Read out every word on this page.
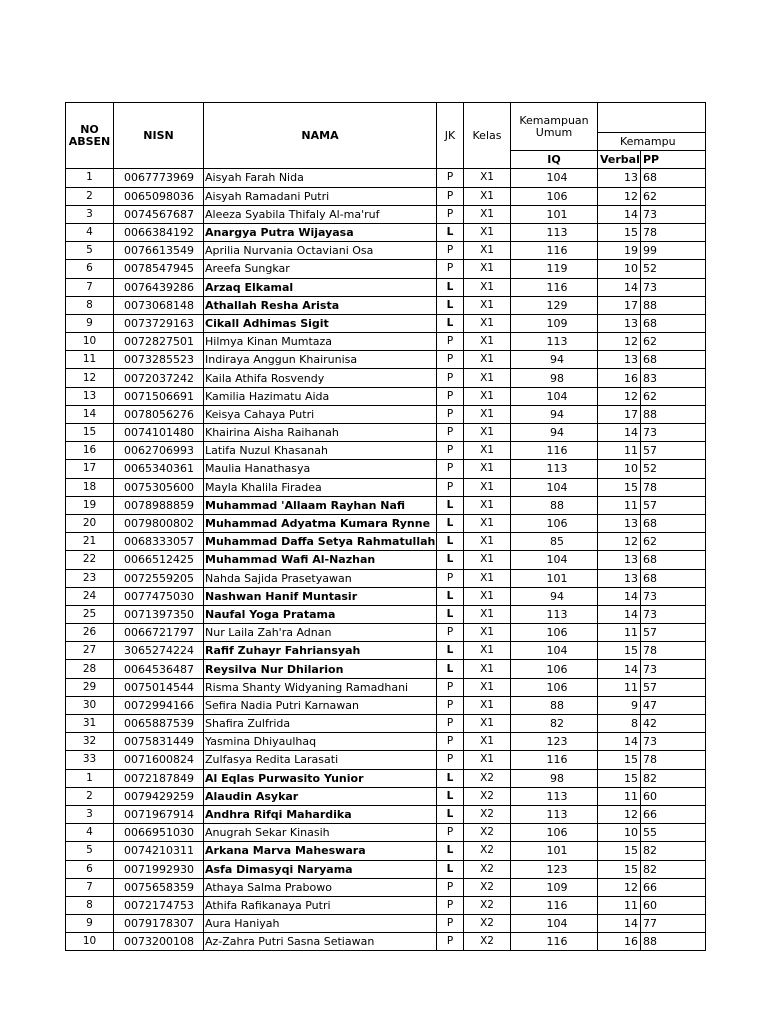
NO ABSEN	NISN	NAMA	JK	Kelas	Kemampuan Umum		
						Kemampu	
					IQ	Verbal	PP
1	0067773969	Aisyah Farah Nida	P	X1	104	13	68
2	0065098036	Aisyah Ramadani Putri	P	X1	106	12	62
3	0074567687	Aleeza Syabila Thifaly Al-ma'ruf	P	X1	101	14	73
4	0066384192	Anargya Putra Wijayasa	L	X1	113	15	78
5	0076613549	Aprilia Nurvania Octaviani Osa	P	X1	116	19	99
6	0078547945	Areefa Sungkar	P	X1	119	10	52
7	0076439286	Arzaq Elkamal	L	X1	116	14	73
8	0073068148	Athallah Resha Arista	L	X1	129	17	88
9	0073729163	Cikall Adhimas Sigit	L	X1	109	13	68
10	0072827501	Hilmya Kinan Mumtaza	P	X1	113	12	62
11	0073285523	Indiraya Anggun Khairunisa	P	X1	94	13	68
12	0072037242	Kaila Athifa Rosvendy	P	X1	98	16	83
13	0071506691	Kamilia Hazimatu Aida	P	X1	104	12	62
14	0078056276	Keisya Cahaya Putri	P	X1	94	17	88
15	0074101480	Khairina Aisha Raihanah	P	X1	94	14	73
16	0062706993	Latifa Nuzul Khasanah	P	X1	116	11	57
17	0065340361	Maulia Hanathasya	P	X1	113	10	52
18	0075305600	Mayla Khalila Firadea	P	X1	104	15	78
19	0078988859	Muhammad 'Allaam Rayhan Nafi	L	X1	88	11	57
20	0079800802	Muhammad Adyatma Kumara Rynne	L	X1	106	13	68
21	0068333057	Muhammad Daffa Setya Rahmatullah	L	X1	85	12	62
22	0066512425	Muhammad Wafi Al-Nazhan	L	X1	104	13	68
23	0072559205	Nahda Sajida Prasetyawan	P	X1	101	13	68
24	0077475030	Nashwan Hanif Muntasir	L	X1	94	14	73
25	0071397350	Naufal Yoga Pratama	L	X1	113	14	73
26	0066721797	Nur Laila Zah'ra Adnan	P	X1	106	11	57
27	3065274224	Rafif Zuhayr Fahriansyah	L	X1	104	15	78
28	0064536487	Reysilva Nur Dhilarion	L	X1	106	14	73
29	0075014544	Risma Shanty Widyaning Ramadhani	P	X1	106	11	57
30	0072994166	Sefira Nadia Putri Karnawan	P	X1	88	9	47
31	0065887539	Shafira Zulfrida	P	X1	82	8	42
32	0075831449	Yasmina Dhiyaulhaq	P	X1	123	14	73
33	0071600824	Zulfasya Redita Larasati	P	X1	116	15	78
1	0072187849	Al Eqlas Purwasito Yunior	L	X2	98	15	82
2	0079429259	Alaudin Asykar	L	X2	113	11	60
3	0071967914	Andhra Rifqi Mahardika	L	X2	113	12	66
4	0066951030	Anugrah Sekar Kinasih	P	X2	106	10	55
5	0074210311	Arkana Marva Maheswara	L	X2	101	15	82
6	0071992930	Asfa Dimasyqi Naryama	L	X2	123	15	82
7	0075658359	Athaya Salma Prabowo	P	X2	109	12	66
8	0072174753	Athifa Rafikanaya Putri	P	X2	116	11	60
9	0079178307	Aura Haniyah	P	X2	104	14	77
10	0073200108	Az-Zahra Putri Sasna Setiawan	P	X2	116	16	88
